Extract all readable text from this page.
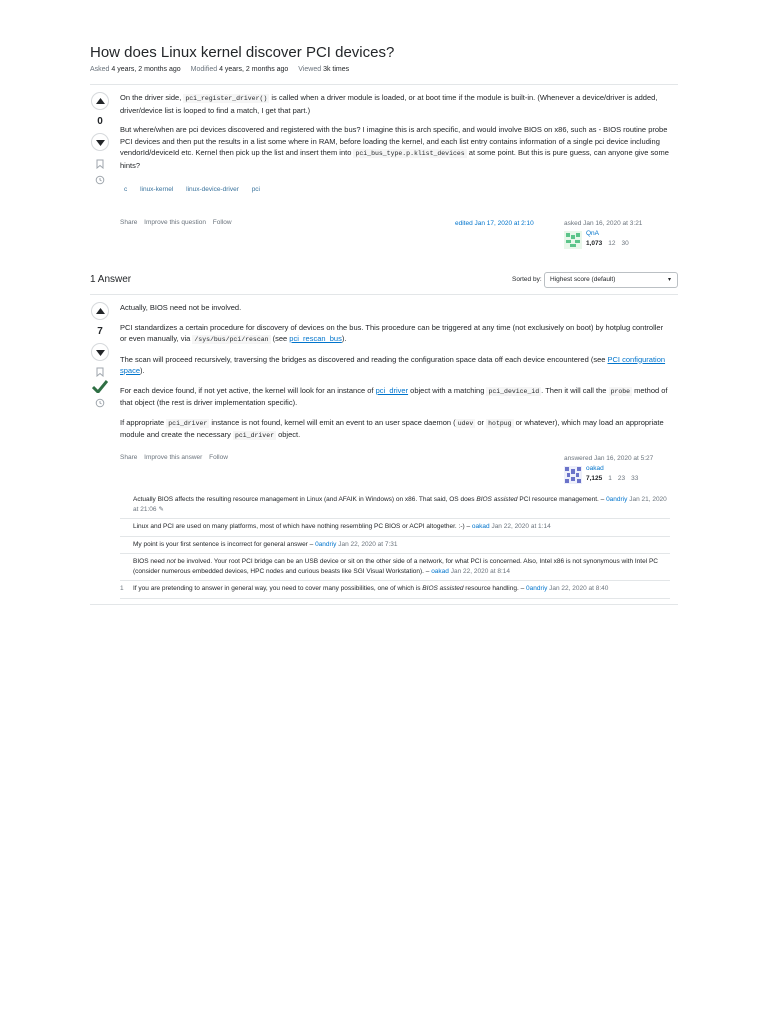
How does Linux kernel discover PCI devices?
Asked 4 years, 2 months ago Modified 4 years, 2 months ago Viewed 3k times
0

On the driver side, pci_register_driver() is called when a driver module is loaded, or at boot time if the module is built-in. (Whenever a device/driver is added, driver/device list is looped to find a match, I get that part.)

But where/when are pci devices discovered and registered with the bus? I imagine this is arch specific, and would involve BIOS on x86, such as - BIOS routine probe PCI devices and then put the results in a list some where in RAM, before loading the kernel, and each list entry contains information of a single pci device including vendorId/deviceId etc. Kernel then pick up the list and insert them into pci_bus_type.p.klist_devices at some point. But this is pure guess, can anyone give some hints?

c linux-kernel linux-device-driver pci
Share Improve this question Follow	edited Jan 17, 2020 at 2:10	asked Jan 16, 2020 at 3:21
QnA
1,073 12 30
1 Answer	Sorted by:	Highest score (default)	▾
7

Actually, BIOS need not be involved.

PCI standardizes a certain procedure for discovery of devices on the bus. This procedure can be triggered at any time (not exclusively on boot) by hotplug controller or even manually, via /sys/bus/pci/rescan (see pci_rescan_bus).

The scan will proceed recursively, traversing the bridges as discovered and reading the configuration space data off each device encountered (see PCI configuration space).

For each device found, if not yet active, the kernel will look for an instance of pci_driver object with a matching pci_device_id . Then it will call the probe method of that object (the rest is driver implementation specific).

If appropriate pci_driver instance is not found, kernel will emit an event to an user space daemon ( udev or hotpug or whatever), which may load an appropriate module and create the necessary pci_driver object.

Share Improve this answer Follow	answered Jan 16, 2020 at 5:27
oakad
7,125 1 23 33
Actually BIOS affects the resulting resource management in Linux (and AFAIK in Windows) on x86. That said, OS does BIOS assisted PCI resource management. – 0andriy Jan 21, 2020 at 21:06 ✎
Linux and PCI are used on many platforms, most of which have nothing resembling PC BIOS or ACPI altogether. :-) – oakad Jan 22, 2020 at 1:14
My point is your first sentence is incorrect for general answer – 0andriy Jan 22, 2020 at 7:31
BIOS need not be involved. Your root PCI bridge can be an USB device or sit on the other side of a network, for what PCI is concerned. Also, Intel x86 is not synonymous with Intel PC (consider numerous embedded devices, HPC nodes and curious beasts like SGI Visual Workstation). – oakad Jan 22, 2020 at 8:14
1 If you are pretending to answer in general way, you need to cover many possibilities, one of which is BIOS assisted resource handling. – 0andriy Jan 22, 2020 at 8:40
